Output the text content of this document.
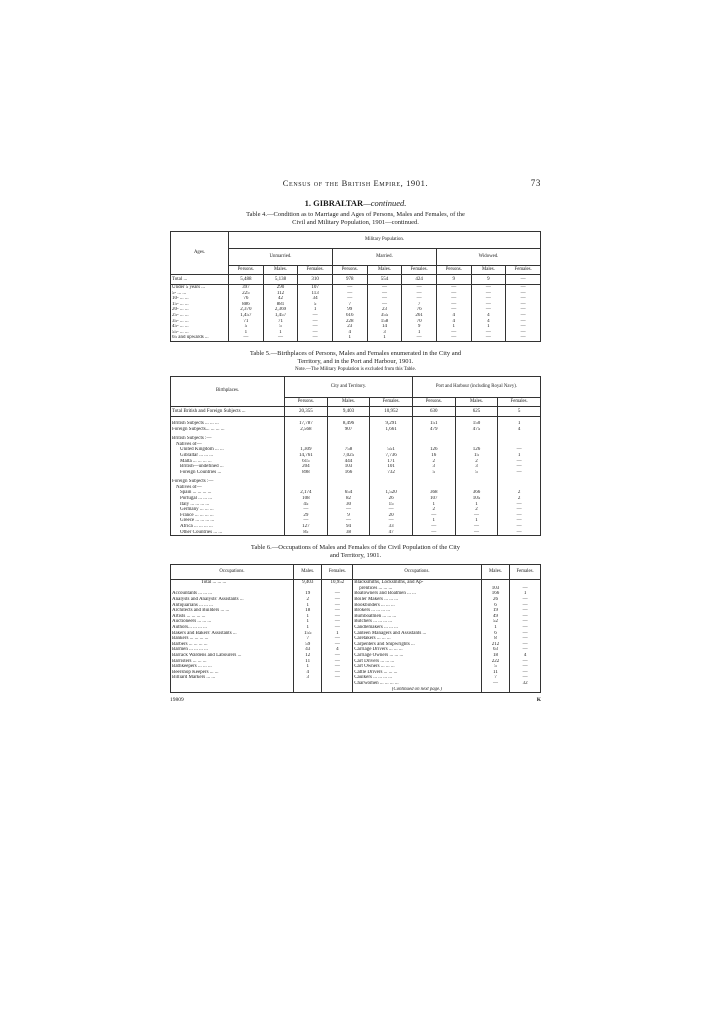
Census of the British Empire, 1901.	73
1. GIBRALTAR—continued.
Table 4.—Condition as to Marriage and Ages of Persons, Males and Females, of the
Civil and Military Population, 1901—continued.
Ages.	Military Population.								
	Unmarried.			Married.			Widowed.		
	Persons.	Males.	Females.	Persons.	Males.	Females.	Persons.	Males.	Females.
Total ...	5,488	5,138	310	978	554	424	9	9	—
Under 5 years ...	397	290	107	—	—	—	—	—	—
5- ... ...	225	112	113	—	—	—	—	—	—
10- ... ...	76	42	34	—	—	—	—	—	—
15- ... ...	886	881	5	7	—	7	—	—	—
20- ... ...	2,370	2,369	1	99	23	76	—	—	—
25- ... ...	1,457	1,457	—	616	355	261	4	4	—
35- ... ...	71	71	—	228	158	70	4	4	—
45- ... ...	5	5	—	23	14	9	1	1	—
55- ... ...	1	1	—	4	3	1	—	—	—
65 and upwards ...	—	—	—	1	1	—	—	—	—
Table 5.—Birthplaces of Persons, Males and Females enumerated in the City and
Territory, and in the Port and Harbour, 1901.
Note.—The Military Population is excluded from this Table.
Birthplaces.	City and Territory.			Port and Harbour (including Royal Navy).		
	Persons.	Males.	Females.	Persons.	Males.	Females.
Total British and Foreign Subjects ...	20,355	9,403	10,952	630	625	5

British Subjects ... ... ...	17,787	8,496	9,291	151	150	1
Foreign Subjects... ... ... ...	2,568	907	1,661	479	475	4

British Subjects :—						
Natives of—						
United Kingdom ... ...	1,309	758	551	126	126	—
Gibraltar ... ... ...	14,761	7,025	7,736	16	15	1
Malta ... ... ... ...	615	444	171	2	2	—
British—undefined ...	204	103	101	3	3	—
Foreign Countries ...	898	166	732	5	5	—

Foreign Subjects :—						
Natives of—						
Spain ... ... ... ...	2,174	654	1,520	368	366	2
Portugal ... ... ...	108	82	26	107	105	2
Italy ... ... ... ...	45	30	15	1	1	—
Germany ... ... ...	—	—	—	2	2	—
France ... ... ... ...	29	9	20	—	—	—
Greece ... ... ... ...	—	—	—	1	1	—
Africa ... ... ... ...	127	94	33	—	—	—
Other Countries ... ...	85	38	47	—	—	—
Table 6.—Occupations of Males and Females of the Civil Population of the City
and Territory, 1901.
Occupations.	Males.	Females.	Occupations.	Males.	Females.
Total ... ... ...	9,403	10,952	Blacksmiths, Locksmiths, and Ap-		
			prentices ... ... ...	103	—
Accountants ... ... ...	19	—	Boatowners and Boatmen ... ...	166	1
Analysts and Analysts' Assistants ...	2	—	Boiler Makers ... ... ...	26	—
Antiquarians ... ... ...	1	—	Bookbinders ... ... ...	6	—
Architects and Builders ... ...	18	—	Brokers ... ... ... ...	19	—
Artists ... ... ... ...	1	—	Bumboatmen ... ... ...	49	—
Auctioneers ... ... ...	1	—	Butchers ... ... ... ...	52	—
Authors... ... ... ...	1	—	Candlemakers ... ... ...	1	—
Bakers and Bakers' Assistants ...	155	1	Canteen Managers and Assistants ...	6	—
Bankers ... ... ... ...	7	—	Caretakers ... ... ...	8	—
Barbers ... ... ... ...	59	—	Carpenters and Shipwrights ...	212	—
Barmen ... ... ... ...	43	4	Carriage Drivers ... ... ...	63	—
Barrack Wardens and Labourers ...	12	—	Carriage Owners ... ... ...	18	4
Barristers ... ... ...	11	—	Cart Drivers ... ... ...	222	—
Bathkeepers ... ... ...	1	—	Cart Owners ... ... ...	5	—
Beershop Keepers ... ...	4	—	Cattle Drivers ... ... ...	11	—
Billiard Markers ... ...	3	—	Caulkers ... ... ... ...	7	—
			Charwomen ... ... ... ...	—	32
			(Continued on next page.)		
19809	K
